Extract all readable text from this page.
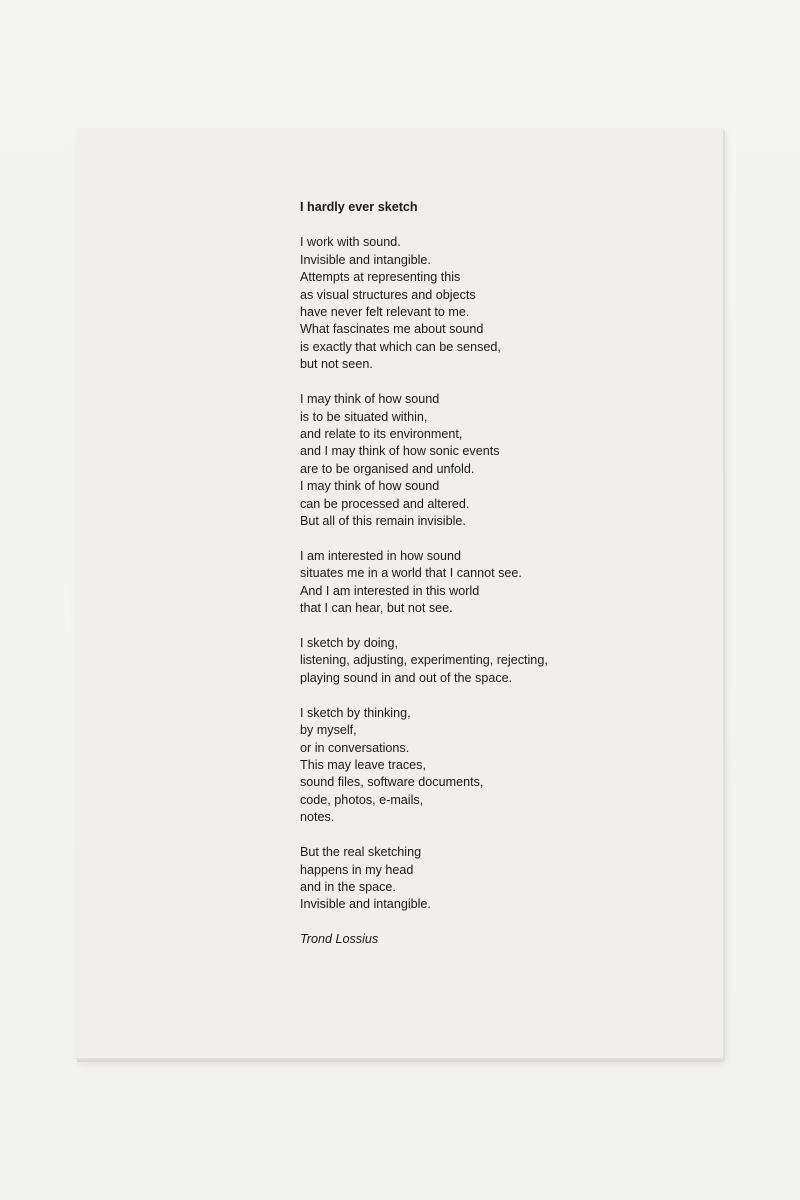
I hardly ever sketch
I work with sound.
Invisible and intangible.
Attempts at representing this
as visual structures and objects
have never felt relevant to me.
What fascinates me about sound
is exactly that which can be sensed,
but not seen.
I may think of how sound
is to be situated within,
and relate to its environment,
and I may think of how sonic events
are to be organised and unfold.
I may think of how sound
can be processed and altered.
But all of this remain invisible.
I am interested in how sound
situates me in a world that I cannot see.
And I am interested in this world
that I can hear, but not see.
I sketch by doing,
listening, adjusting, experimenting, rejecting,
playing sound in and out of the space.
I sketch by thinking,
by myself,
or in conversations.
This may leave traces,
sound files, software documents,
code, photos, e-mails,
notes.
But the real sketching
happens in my head
and in the space.
Invisible and intangible.
Trond Lossius
